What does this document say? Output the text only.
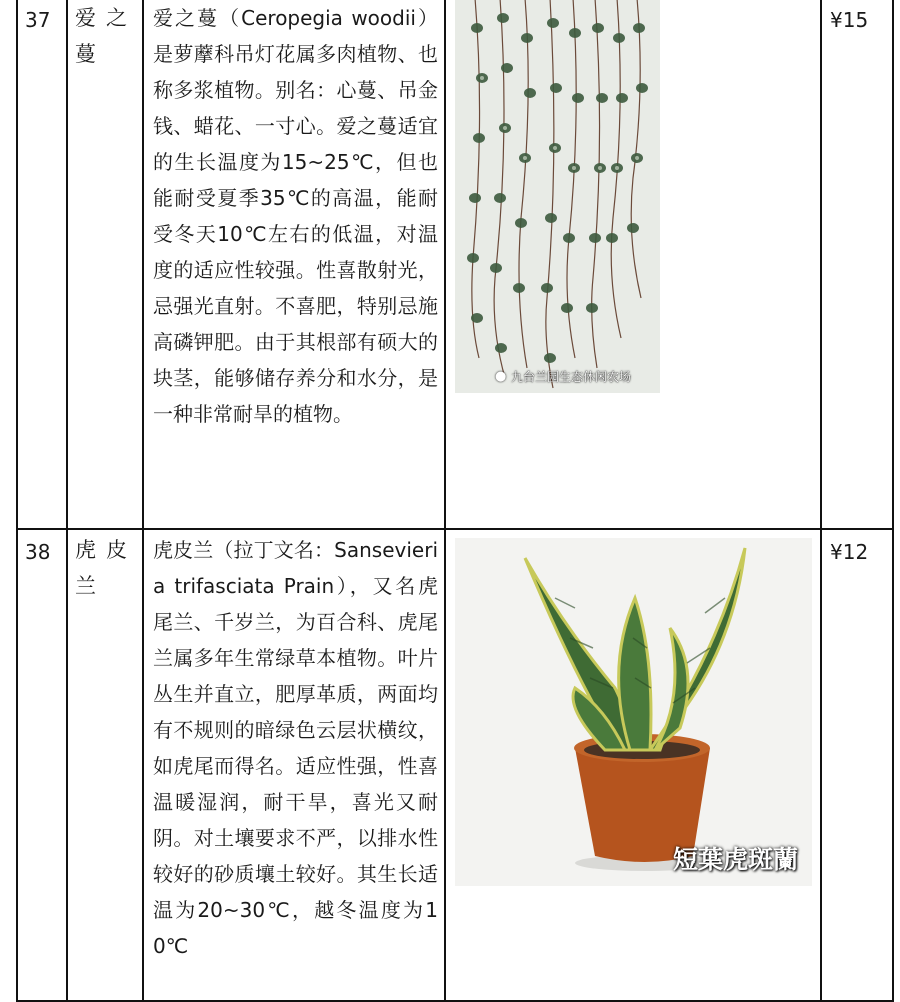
37	爱之蔓	爱之蔓（Ceropegia woodii）是萝藦科吊灯花属多肉植物、也称多浆植物。别名：心蔓、吊金钱、蜡花、一寸心。爱之蔓适宜的生长温度为15~25℃，但也能耐受夏季35℃的高温，能耐受冬天10℃左右的低温，对温度的适应性较强。性喜散射光，忌强光直射。不喜肥，特别忌施高磷钾肥。由于其根部有硕大的块茎，能够储存养分和水分，是一种非常耐旱的植物。	● 九台兰园生态休闲农场	¥15

38	虎皮兰	虎皮兰（拉丁文名：Sansevieria trifasciata Prain），又名虎尾兰、千岁兰，为百合科、虎尾兰属多年生常绿草本植物。叶片丛生并直立，肥厚革质，两面均有不规则的暗绿色云层状横纹，如虎尾而得名。适应性强，性喜温暖湿润，耐干旱，喜光又耐阴。对土壤要求不严，以排水性较好的砂质壤土较好。其生长适温为20~30℃，越冬温度为10℃	短葉虎斑蘭	¥12
